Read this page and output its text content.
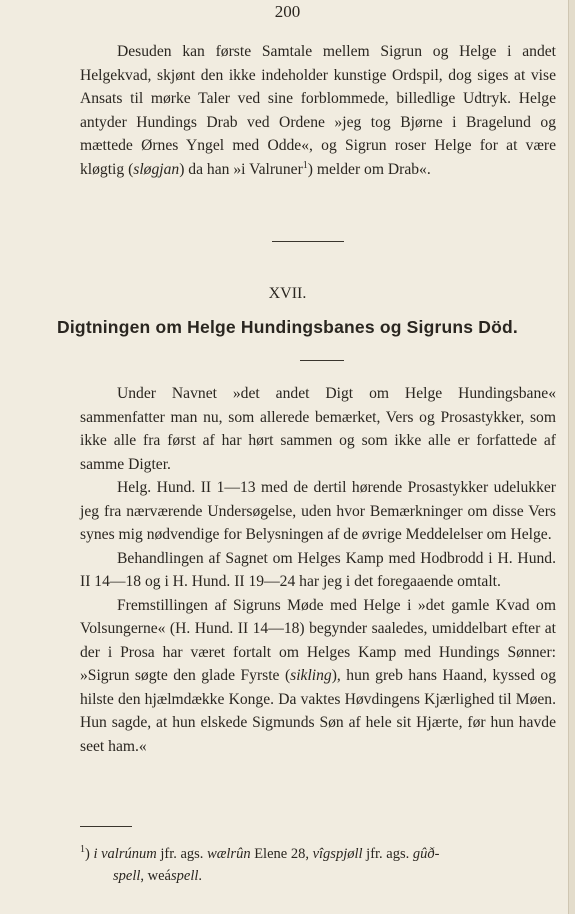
200

Desuden kan første Samtale mellem Sigrun og Helge i andet Helgekvad, skjønt den ikke indeholder kunstige Ordspil, dog siges at vise Ansats til mørke Taler ved sine forblommede, billedlige Udtryk. Helge antyder Hundings Drab ved Ordene »jeg tog Bjørne i Bragelund og mættede Ørnes Yngel med Odde«, og Sigrun roser Helge for at være kløgtig (sløgjan) da han »i Valruner$^1$) melder om Drab«.

XVII.
Digtningen om Helge Hundingsbanes og Sigruns Död.

Under Navnet »det andet Digt om Helge Hundingsbane« sammenfatter man nu, som allerede bemærket, Vers og Prosastykker, som ikke alle fra først af har hørt sammen og som ikke alle er forfattede af samme Digter.

Helg. Hund. II 1—13 med de dertil hørende Prosastykker udelukker jeg fra nærværende Undersøgelse, uden hvor Bemærkninger om disse Vers synes mig nødvendige for Belysningen af de øvrige Meddelelser om Helge.

Behandlingen af Sagnet om Helges Kamp med Hodbrodd i H. Hund. II 14—18 og i H. Hund. II 19—24 har jeg i det foregaaende omtalt.

Fremstillingen af Sigruns Møde med Helge i »det gamle Kvad om Volsungerne« (H. Hund. II 14—18) begynder saaledes, umiddelbart efter at der i Prosa har været fortalt om Helges Kamp med Hundings Sønner: »Sigrun søgte den glade Fyrste (sikling), hun greb hans Haand, kyssed og hilste den hjælmdække Konge. Da vaktes Høvdingens Kjærlighed til Møen. Hun sagde, at hun elskede Sigmunds Søn af hele sit Hjærte, før hun havde seet ham.«

$^1$) i valrúnum jfr. ags. wælrûn Elene 28, vîgspjøll jfr. ags. gûð-

spell, weáspell.
